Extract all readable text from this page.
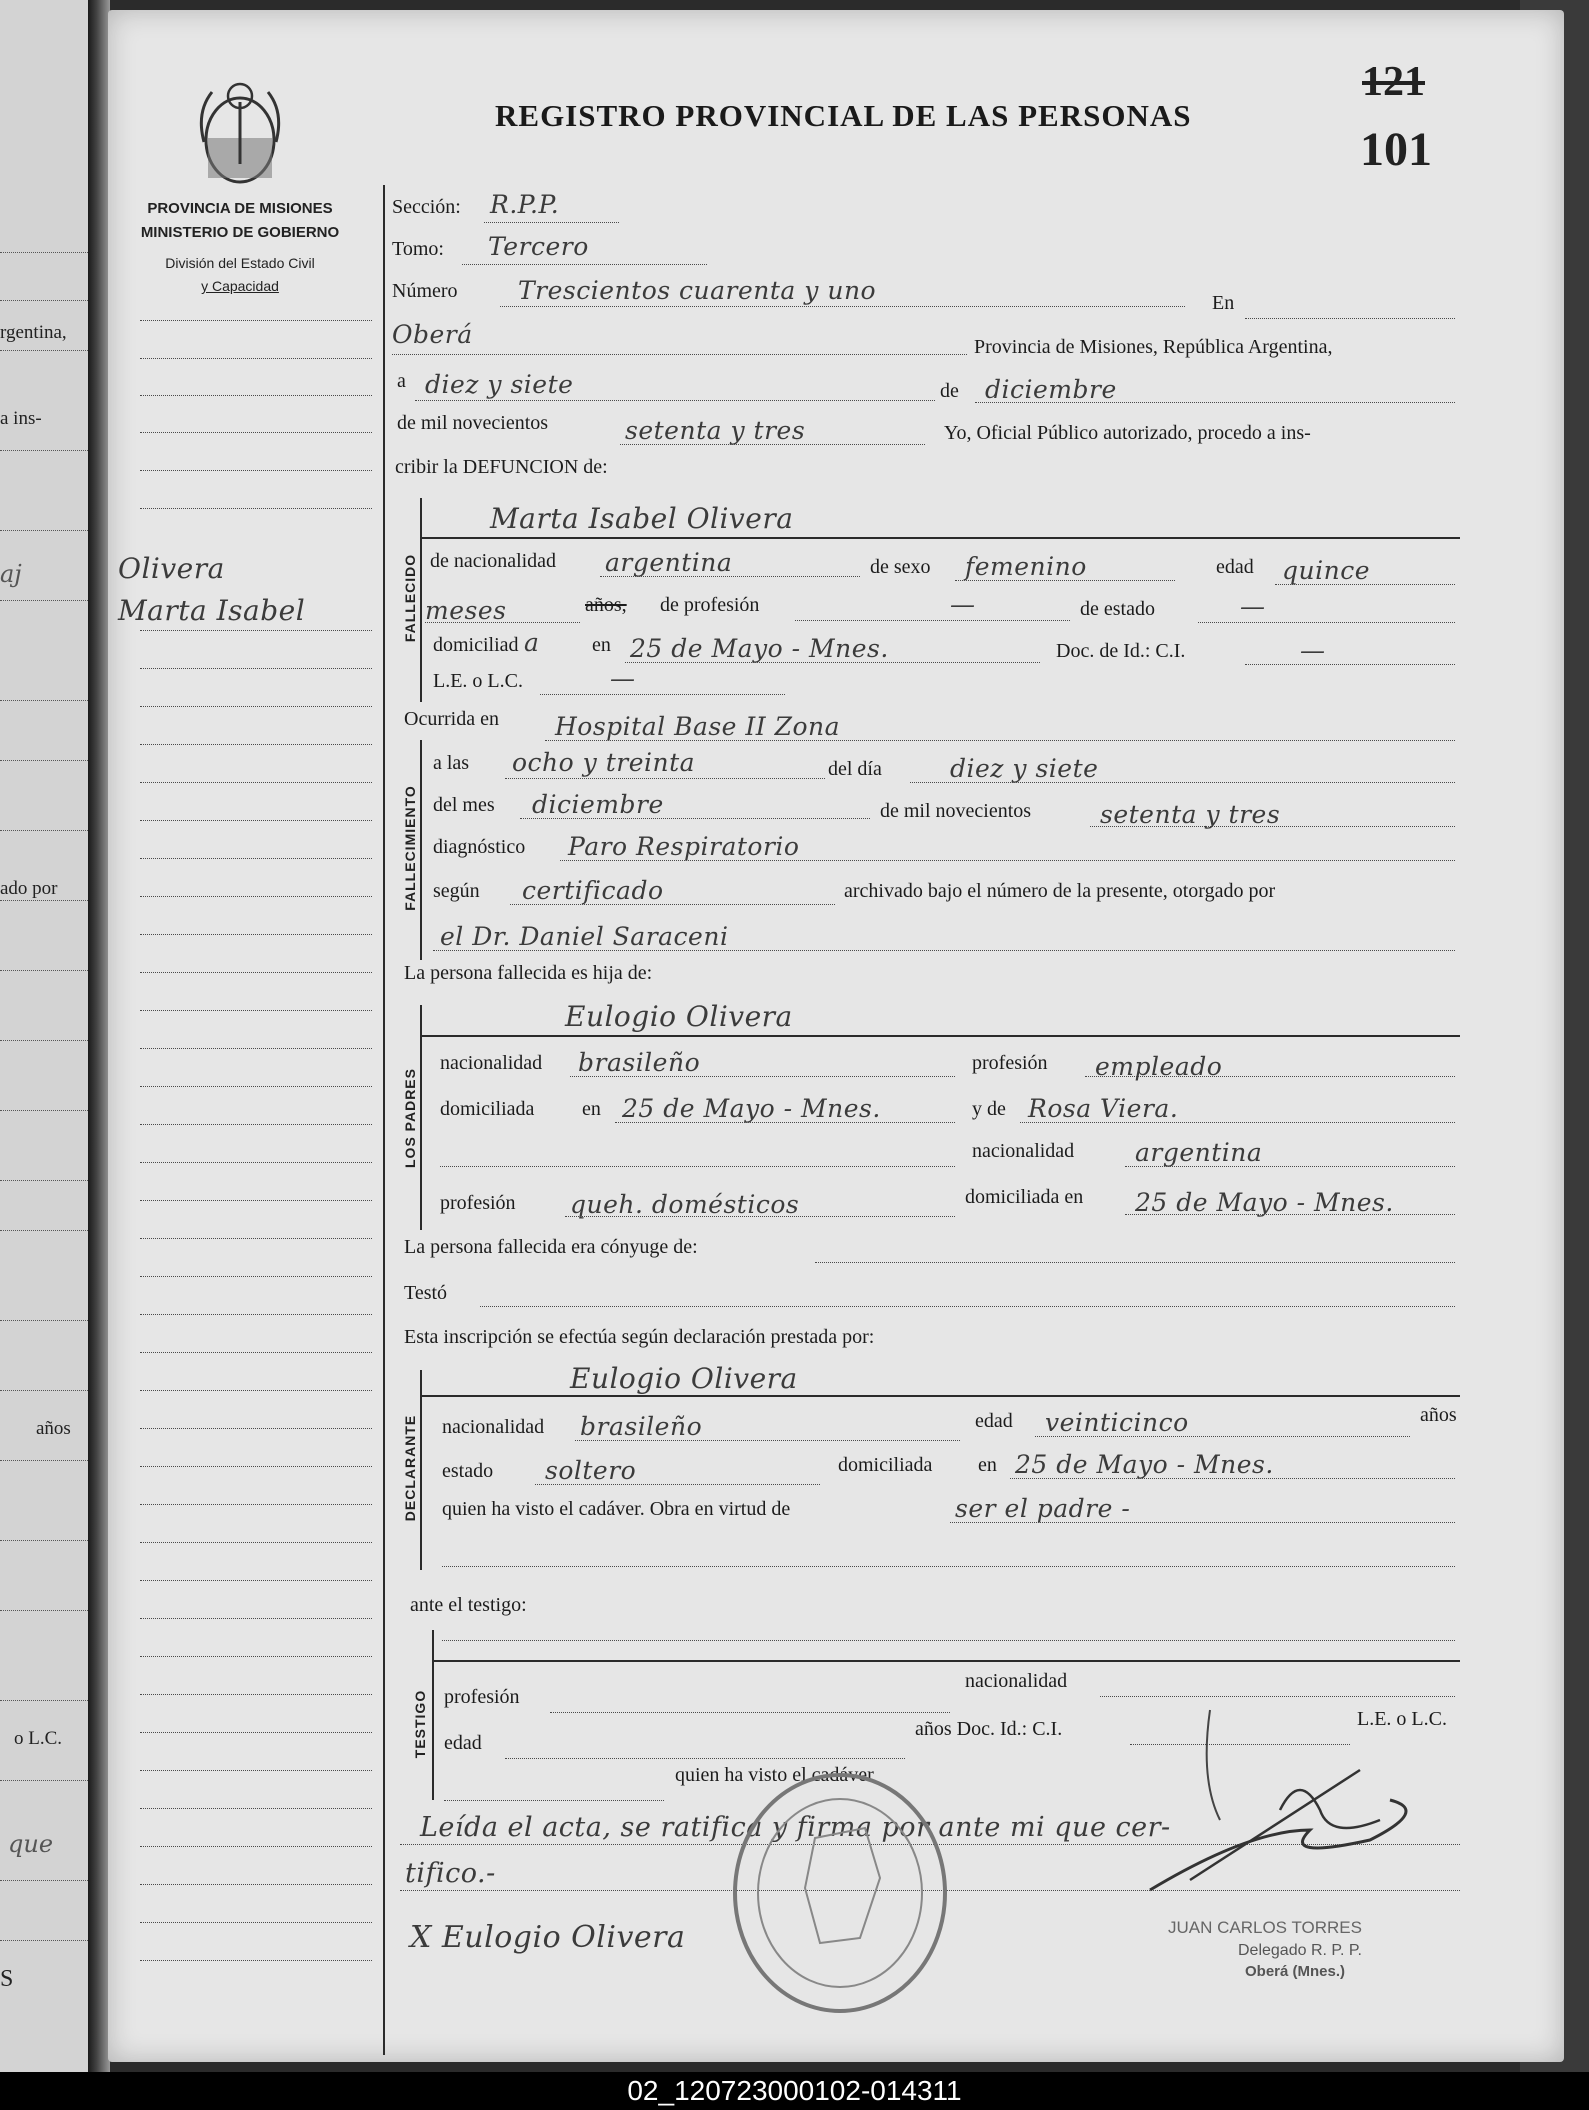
rgentina,
a ins-
ado por
años
o L.C.
S
aj
que
PROVINCIA DE MISIONES
MINISTERIO DE GOBIERNO
División del Estado Civil
y Capacidad
Olivera
Marta Isabel
REGISTRO PROVINCIAL DE LAS PERSONAS
121
101
Sección: R.P.P.
Tomo: Tercero
Número Trescientos cuarenta y uno	En
Oberá	Provincia de Misiones, República Argentina,
a diez y siete	de diciembre
de mil novecientos	setenta y tres	Yo, Oficial Público autorizado, procedo a ins-
cribir la DEFUNCION de:
FALLECIDO
Marta Isabel Olivera
de nacionalidad argentina	de sexo femenino	edad quince
meses	años, de profesión	—	de estado	—
domiciliad a	en 25 de Mayo - Mnes.	Doc. de Id.: C.I.	—
L.E. o L.C.	—
Ocurrida en Hospital Base II Zona
FALLECIMIENTO
a las ocho y treinta	del día	diez y siete
del mes diciembre	de mil novecientos	setenta y tres
diagnóstico Paro Respiratorio
según certificado	archivado bajo el número de la presente, otorgado por
el Dr. Daniel Saraceni
La persona fallecida es hija de:
LOS PADRES
Eulogio Olivera
nacionalidad brasileño	profesión empleado
domiciliada en 25 de Mayo - Mnes.	y de Rosa Viera.
nacionalidad argentina
profesión queh. domésticos	domiciliada en 25 de Mayo - Mnes.
La persona fallecida era cónyuge de:
Testó
Esta inscripción se efectúa según declaración prestada por:
DECLARANTE
Eulogio Olivera
nacionalidad brasileño	edad veinticinco	años
estado soltero	domiciliada en 25 de Mayo - Mnes.
quien ha visto el cadáver. Obra en virtud de	ser el padre -
ante el testigo:
TESTIGO profesión
nacionalidad
edad
años Doc. Id.: C.I.	L.E. o L.C.
quien ha visto el cadáver
Leída el acta, se ratifica y firma por ante mi que cer-
tifico.-
X Eulogio Olivera	JUAN CARLOS TORRES
Delegado R. P. P.
Oberá (Mnes.)
02_120723000102-014311
